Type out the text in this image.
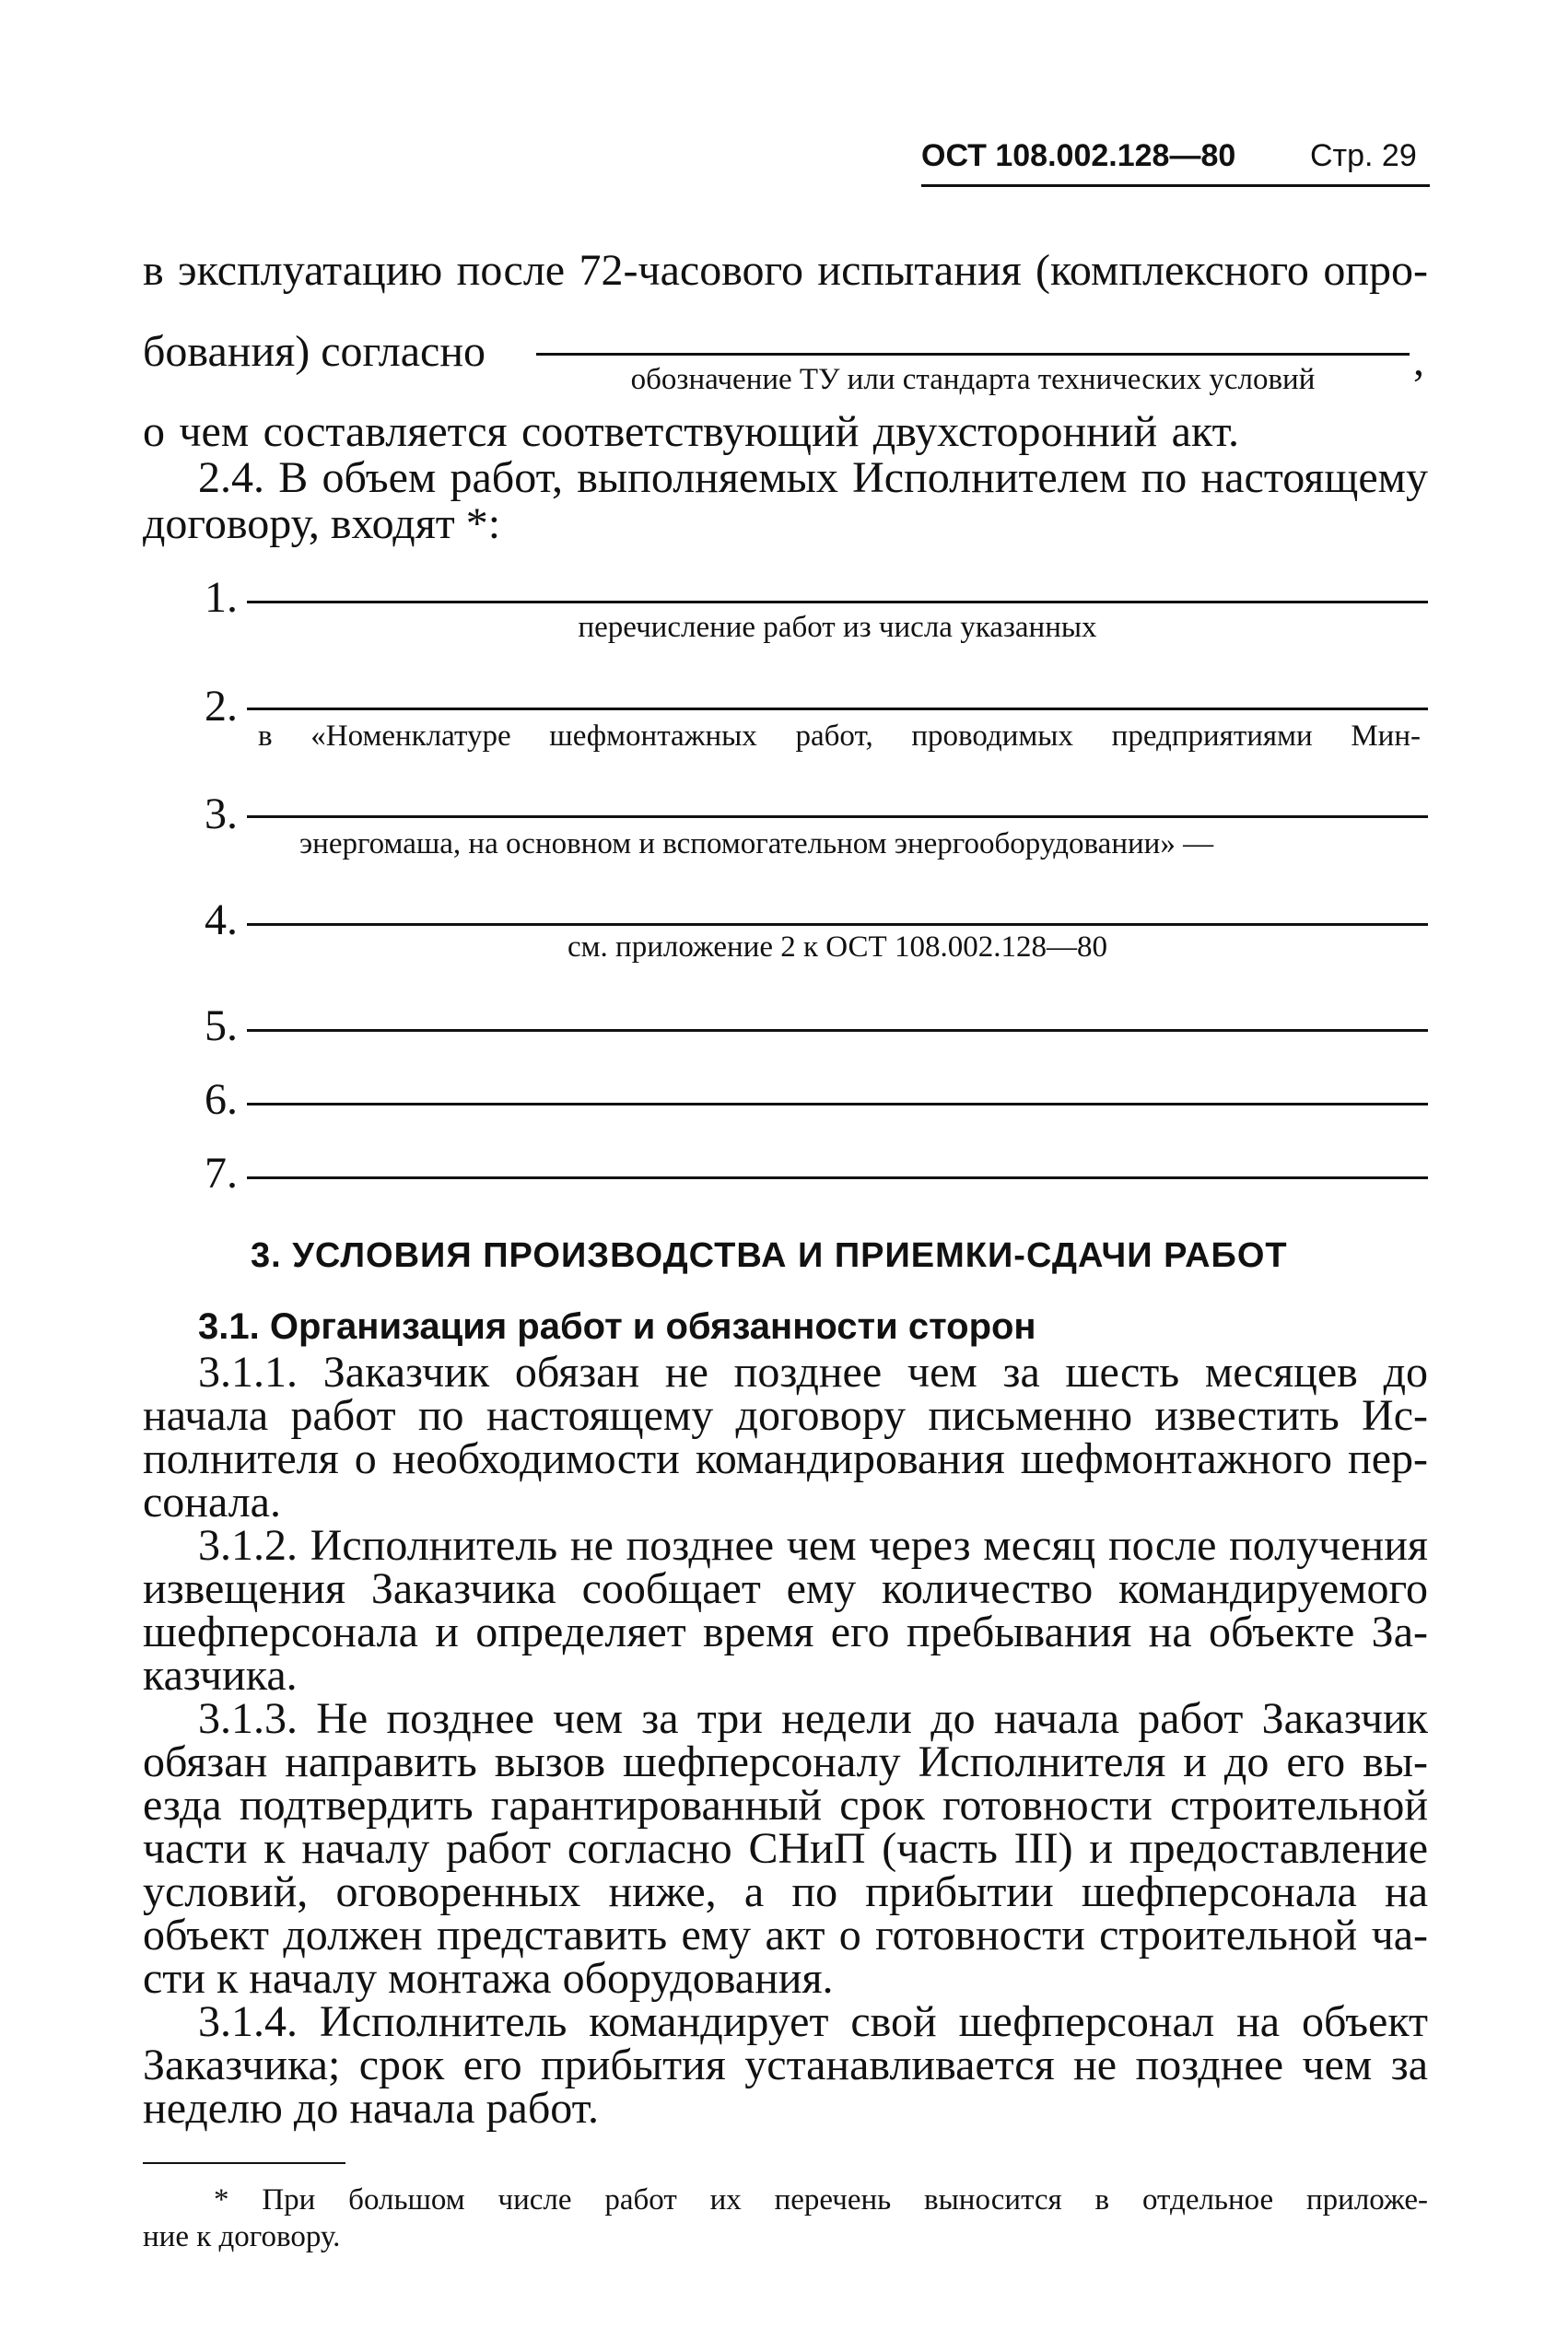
ОСТ 108.002.128—80 Стр. 29
в эксплуатацию после 72-часового испытания (комплексного опро-
бования) согласно
обозначение ТУ или стандарта технических условий	,
о чем составляется соответствующий двухсторонний акт.
2.4. В объем работ, выполняемых Исполнителем по настоящему
договору, входят *:
1.
перечисление работ из числа указанных
2.
в «Номенклатуре шефмонтажных работ, проводимых предприятиями Мин-
3.
энергомаша, на основном и вспомогательном энергооборудовании» —
4.
см. приложение 2 к ОСТ 108.002.128—80
5.
6.
7.
3. УСЛОВИЯ ПРОИЗВОДСТВА И ПРИЕМКИ-СДАЧИ РАБОТ
3.1. Организация работ и обязанности сторон
3.1.1. Заказчик обязан не позднее чем за шесть месяцев до
начала работ по настоящему договору письменно известить Ис-
полнителя о необходимости командирования шефмонтажного пер-
сонала.
3.1.2. Исполнитель не позднее чем через месяц после получения
извещения Заказчика сообщает ему количество командируемого
шефперсонала и определяет время его пребывания на объекте За-
казчика.
3.1.3. Не позднее чем за три недели до начала работ Заказчик
обязан направить вызов шефперсоналу Исполнителя и до его вы-
езда подтвердить гарантированный срок готовности строительной
части к началу работ согласно СНиП (часть III) и предоставление
условий, оговоренных ниже, а по прибытии шефперсонала на
объект должен представить ему акт о готовности строительной ча-
сти к началу монтажа оборудования.
3.1.4. Исполнитель командирует свой шефперсонал на объект
Заказчика; срок его прибытия устанавливается не позднее чем за
неделю до начала работ.
* При большом числе работ их перечень выносится в отдельное приложе-
ние к договору.
